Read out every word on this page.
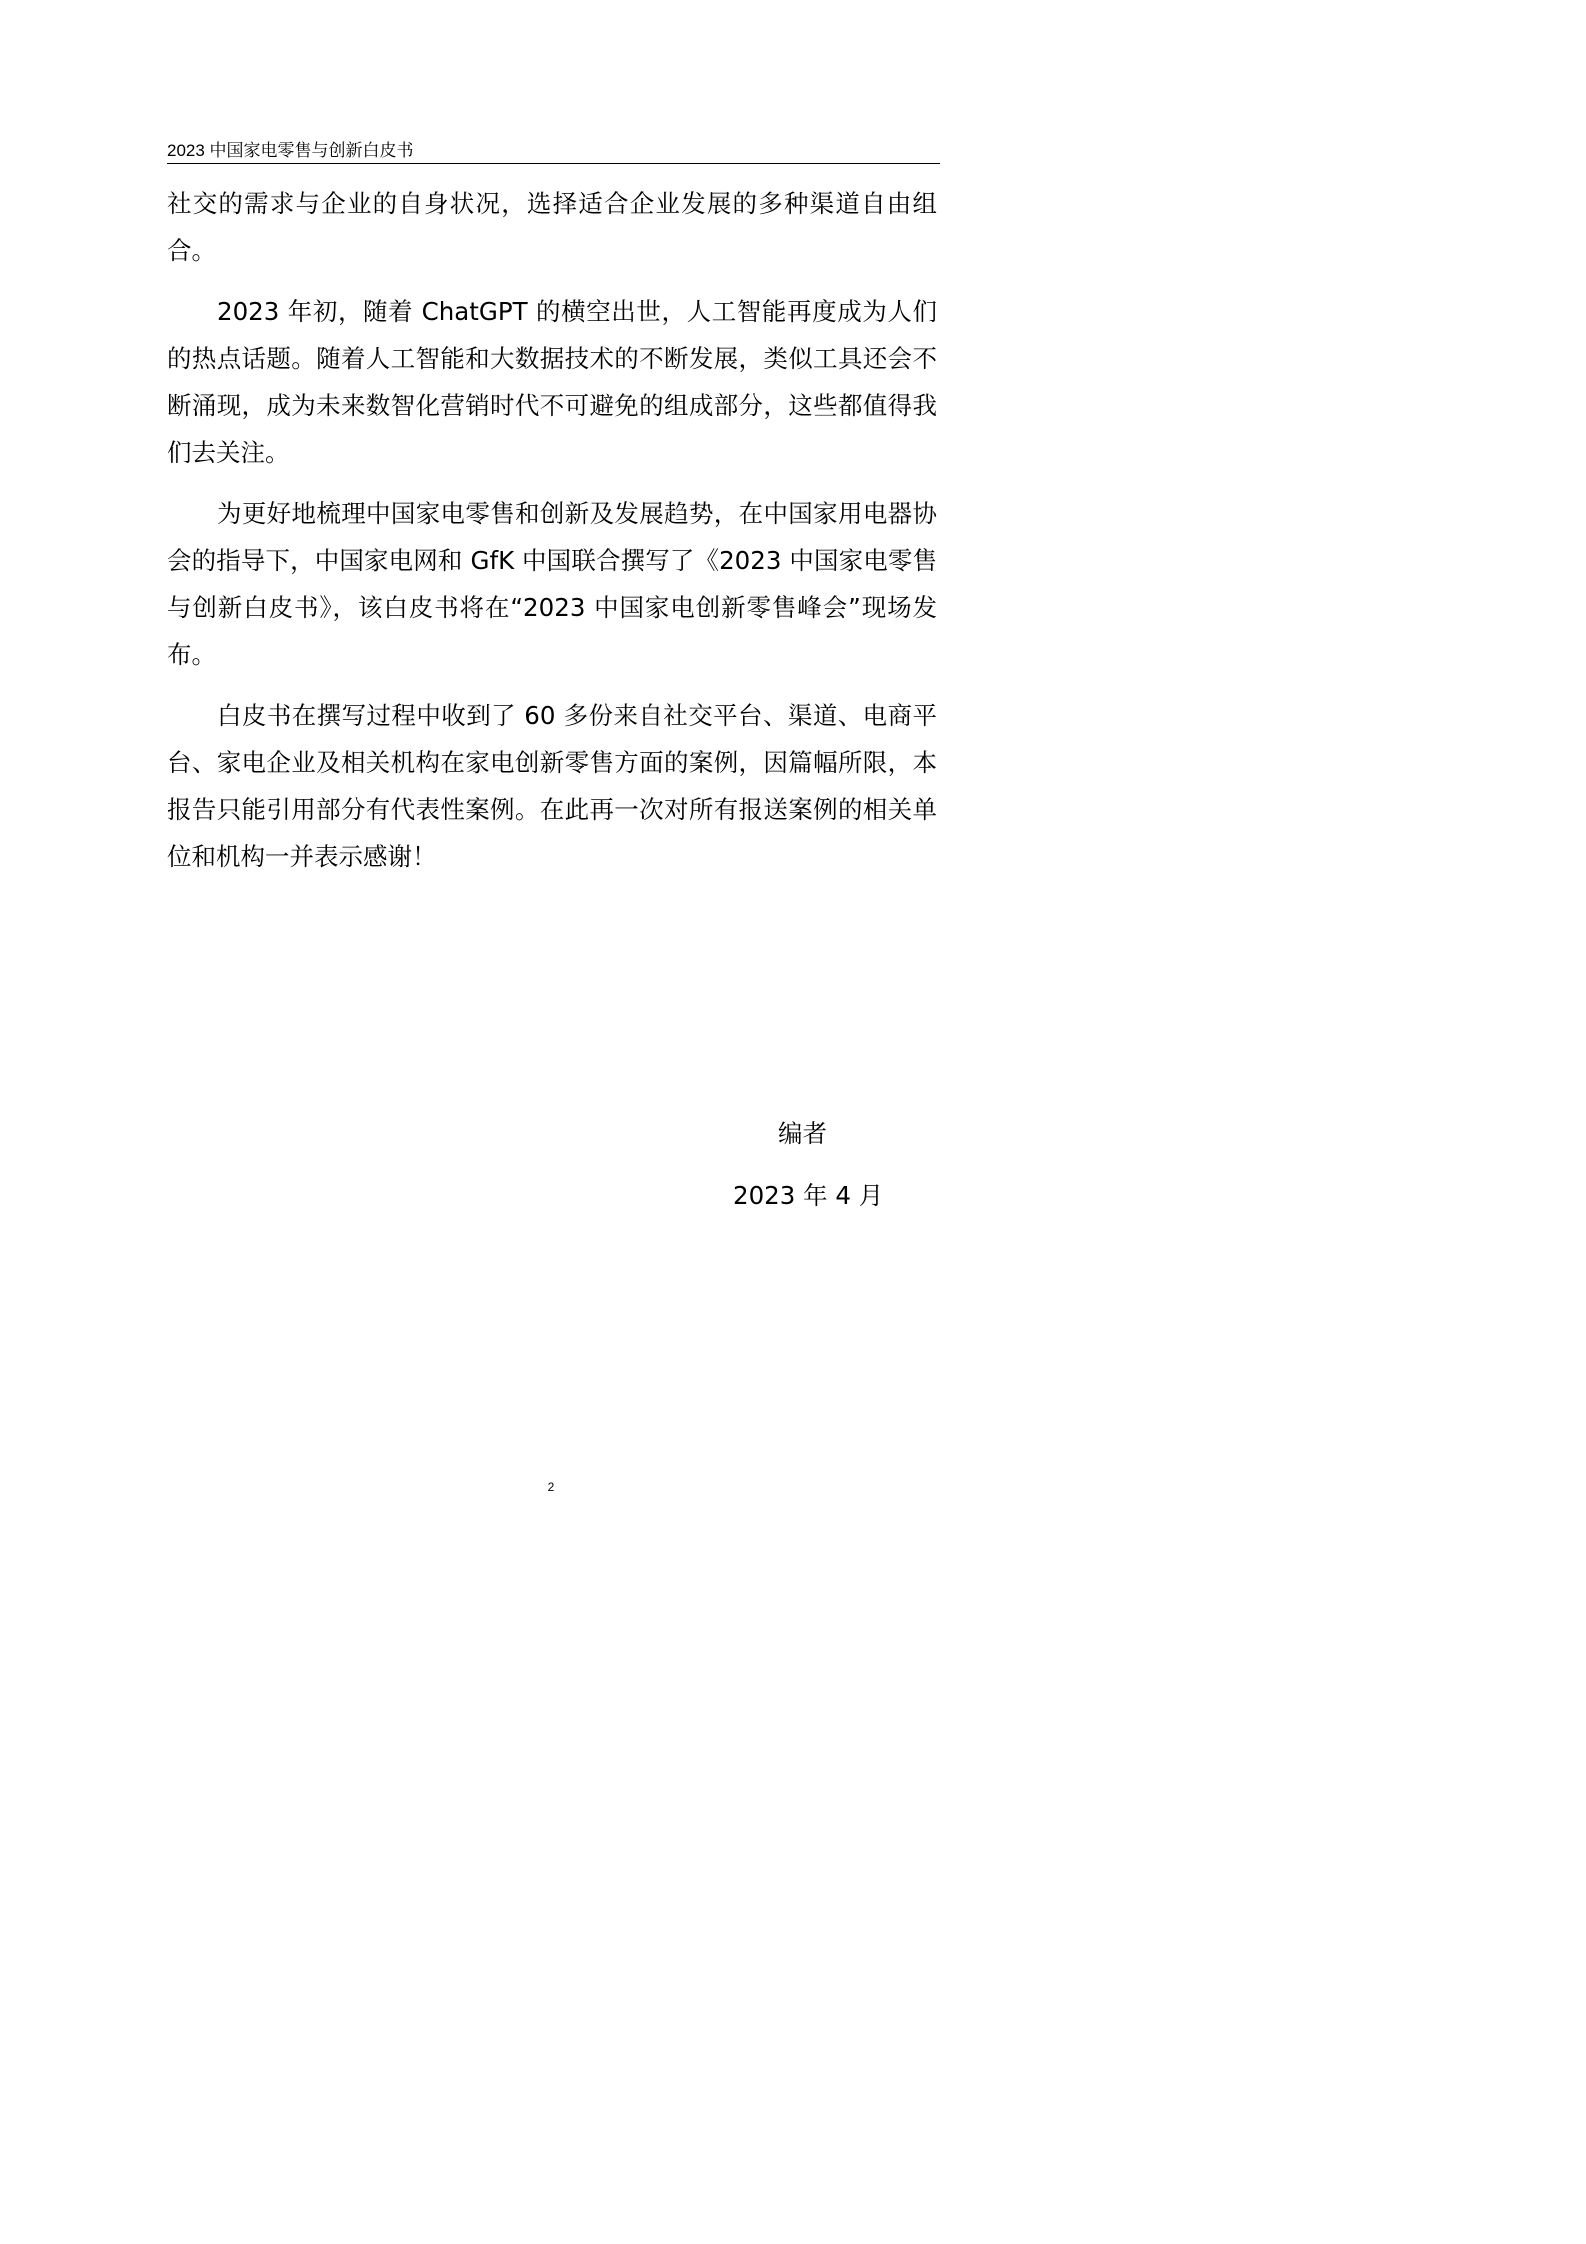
2023 中国家电零售与创新白皮书

社交的需求与企业的自身状况，选择适合企业发展的多种渠道自由组合。

2023 年初，随着 ChatGPT 的横空出世，人工智能再度成为人们的热点话题。随着人工智能和大数据技术的不断发展，类似工具还会不断涌现，成为未来数智化营销时代不可避免的组成部分，这些都值得我们去关注。

为更好地梳理中国家电零售和创新及发展趋势，在中国家用电器协会的指导下，中国家电网和 GfK 中国联合撰写了《2023 中国家电零售与创新白皮书》，该白皮书将在“2023 中国家电创新零售峰会”现场发布。

白皮书在撰写过程中收到了 60 多份来自社交平台、渠道、电商平台、家电企业及相关机构在家电创新零售方面的案例，因篇幅所限，本报告只能引用部分有代表性案例。在此再一次对所有报送案例的相关单位和机构一并表示感谢！

编者
2023 年 4 月
2
